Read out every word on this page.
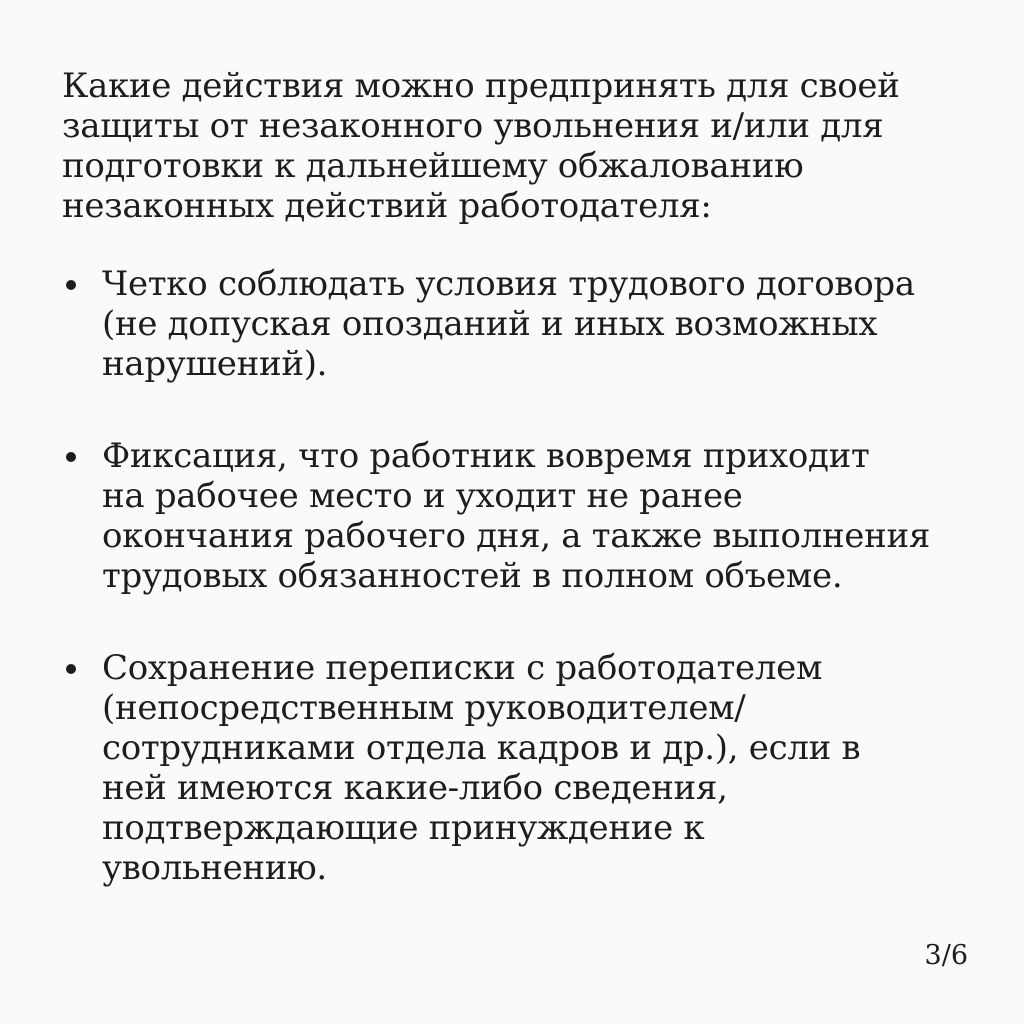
Какие действия можно предпринять для своей
защиты от незаконного увольнения и/или для
подготовки к дальнейшему обжалованию
незаконных действий работодателя:
Четко соблюдать условия трудового договора
(не допуская опозданий и иных возможных
нарушений).
Фиксация, что работник вовремя приходит
на рабочее место и уходит не ранее
окончания рабочего дня, а также выполнения
трудовых обязанностей в полном объеме.
Сохранение переписки с работодателем
(непосредственным руководителем/
сотрудниками отдела кадров и др.), если в
ней имеются какие-либо сведения,
подтверждающие принуждение к
увольнению.
3/6
